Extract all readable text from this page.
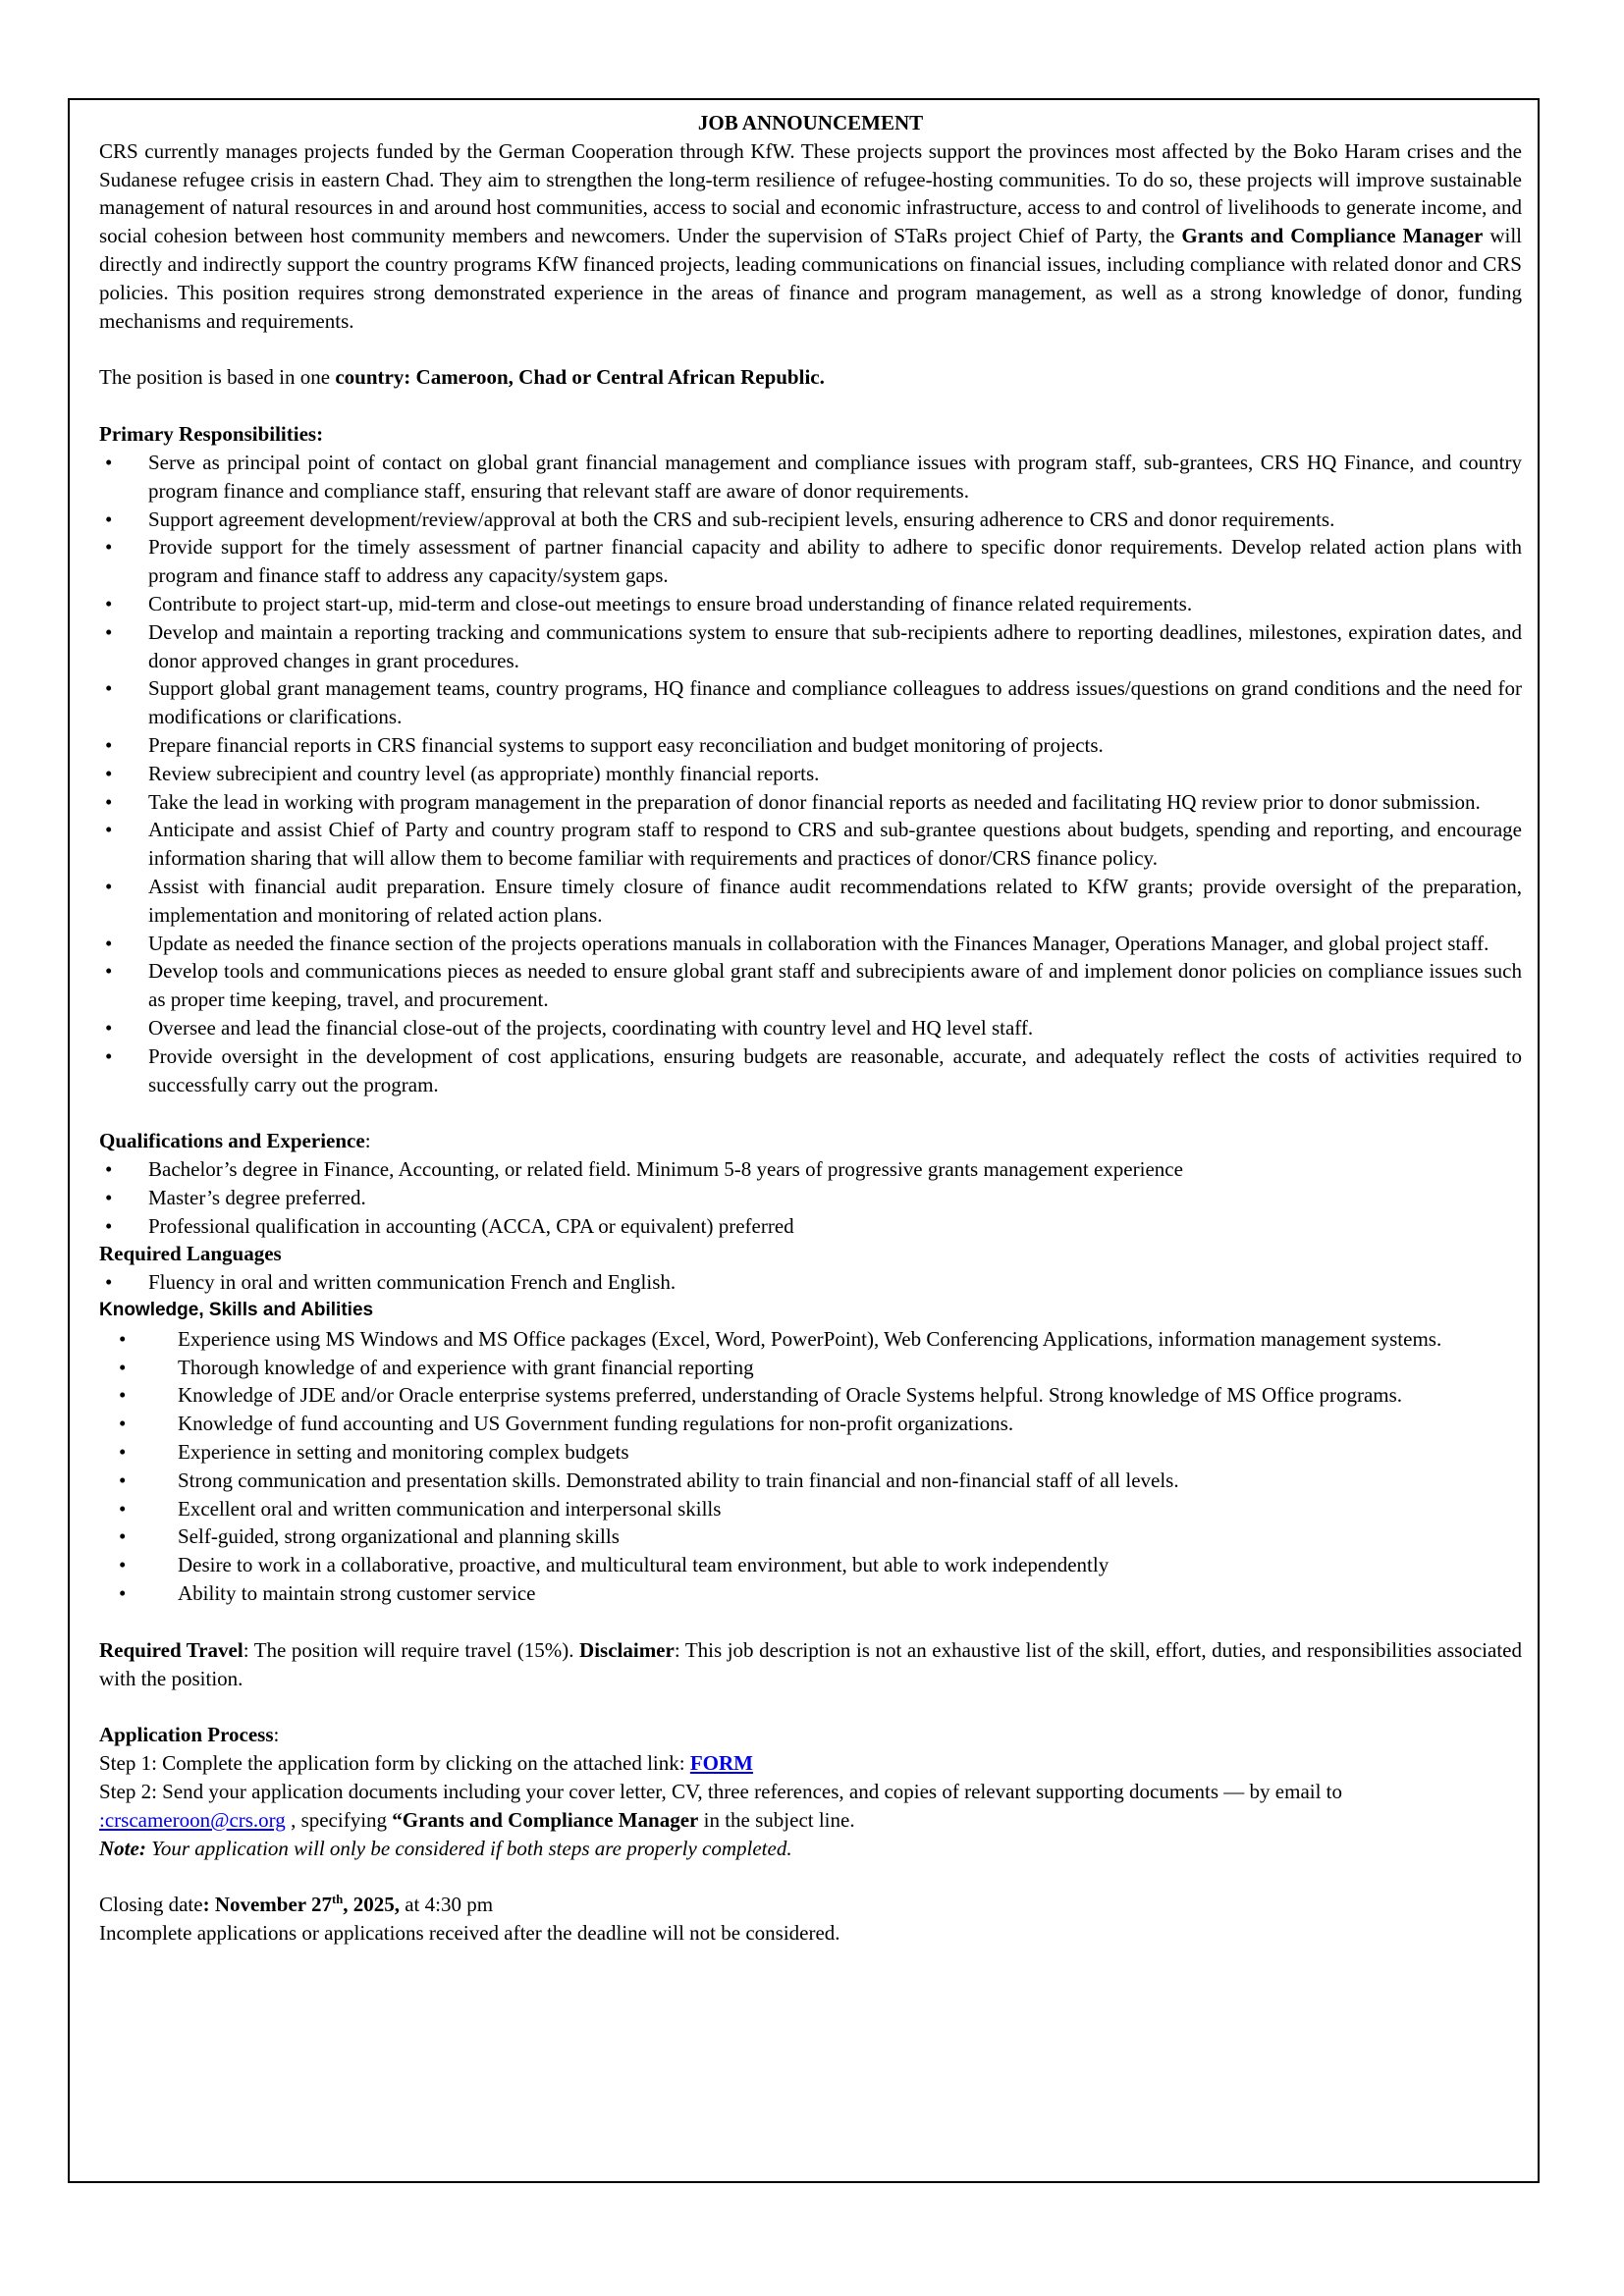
JOB ANNOUNCEMENT
CRS currently manages projects funded by the German Cooperation through KfW. These projects support the provinces most affected by the Boko Haram crises and the Sudanese refugee crisis in eastern Chad. They aim to strengthen the long-term resilience of refugee-hosting communities. To do so, these projects will improve sustainable management of natural resources in and around host communities, access to social and economic infrastructure, access to and control of livelihoods to generate income, and social cohesion between host community members and newcomers. Under the supervision of STaRs project Chief of Party, the Grants and Compliance Manager will directly and indirectly support the country programs KfW financed projects, leading communications on financial issues, including compliance with related donor and CRS policies. This position requires strong demonstrated experience in the areas of finance and program management, as well as a strong knowledge of donor, funding mechanisms and requirements.
The position is based in one country: Cameroon, Chad or Central African Republic.
Primary Responsibilities:
• Serve as principal point of contact on global grant financial management and compliance issues with program staff, sub-grantees, CRS HQ Finance, and country program finance and compliance staff, ensuring that relevant staff are aware of donor requirements.
• Support agreement development/review/approval at both the CRS and sub-recipient levels, ensuring adherence to CRS and donor requirements.
• Provide support for the timely assessment of partner financial capacity and ability to adhere to specific donor requirements. Develop related action plans with program and finance staff to address any capacity/system gaps.
• Contribute to project start-up, mid-term and close-out meetings to ensure broad understanding of finance related requirements.
• Develop and maintain a reporting tracking and communications system to ensure that sub-recipients adhere to reporting deadlines, milestones, expiration dates, and donor approved changes in grant procedures.
• Support global grant management teams, country programs, HQ finance and compliance colleagues to address issues/questions on grand conditions and the need for modifications or clarifications.
• Prepare financial reports in CRS financial systems to support easy reconciliation and budget monitoring of projects.
• Review subrecipient and country level (as appropriate) monthly financial reports.
• Take the lead in working with program management in the preparation of donor financial reports as needed and facilitating HQ review prior to donor submission.
• Anticipate and assist Chief of Party and country program staff to respond to CRS and sub-grantee questions about budgets, spending and reporting, and encourage information sharing that will allow them to become familiar with requirements and practices of donor/CRS finance policy.
• Assist with financial audit preparation. Ensure timely closure of finance audit recommendations related to KfW grants; provide oversight of the preparation, implementation and monitoring of related action plans.
• Update as needed the finance section of the projects operations manuals in collaboration with the Finances Manager, Operations Manager, and global project staff.
• Develop tools and communications pieces as needed to ensure global grant staff and subrecipients aware of and implement donor policies on compliance issues such as proper time keeping, travel, and procurement.
• Oversee and lead the financial close-out of the projects, coordinating with country level and HQ level staff.
• Provide oversight in the development of cost applications, ensuring budgets are reasonable, accurate, and adequately reflect the costs of activities required to successfully carry out the program.
Qualifications and Experience:
• Bachelor’s degree in Finance, Accounting, or related field. Minimum 5-8 years of progressive grants management experience
• Master’s degree preferred.
• Professional qualification in accounting (ACCA, CPA or equivalent) preferred
Required Languages
• Fluency in oral and written communication French and English.
Knowledge, Skills and Abilities
•	Experience using MS Windows and MS Office packages (Excel, Word, PowerPoint), Web Conferencing Applications, information management systems.
•	Thorough knowledge of and experience with grant financial reporting
•	Knowledge of JDE and/or Oracle enterprise systems preferred, understanding of Oracle Systems helpful. Strong knowledge of MS Office programs.
•	Knowledge of fund accounting and US Government funding regulations for non-profit organizations.
•	Experience in setting and monitoring complex budgets
•	Strong communication and presentation skills. Demonstrated ability to train financial and non-financial staff of all levels.
•	Excellent oral and written communication and interpersonal skills
•	Self-guided, strong organizational and planning skills
•	Desire to work in a collaborative, proactive, and multicultural team environment, but able to work independently
•	Ability to maintain strong customer service
Required Travel: The position will require travel (15%). Disclaimer: This job description is not an exhaustive list of the skill, effort, duties, and responsibilities associated with the position.
Application Process:
Step 1: Complete the application form by clicking on the attached link: FORM
Step 2: Send your application documents including your cover letter, CV, three references, and copies of relevant supporting documents — by email to :crscameroon@crs.org , specifying “Grants and Compliance Manager in the subject line.
Note: Your application will only be considered if both steps are properly completed.
Closing date: November 27th, 2025, at 4:30 pm
Incomplete applications or applications received after the deadline will not be considered.
